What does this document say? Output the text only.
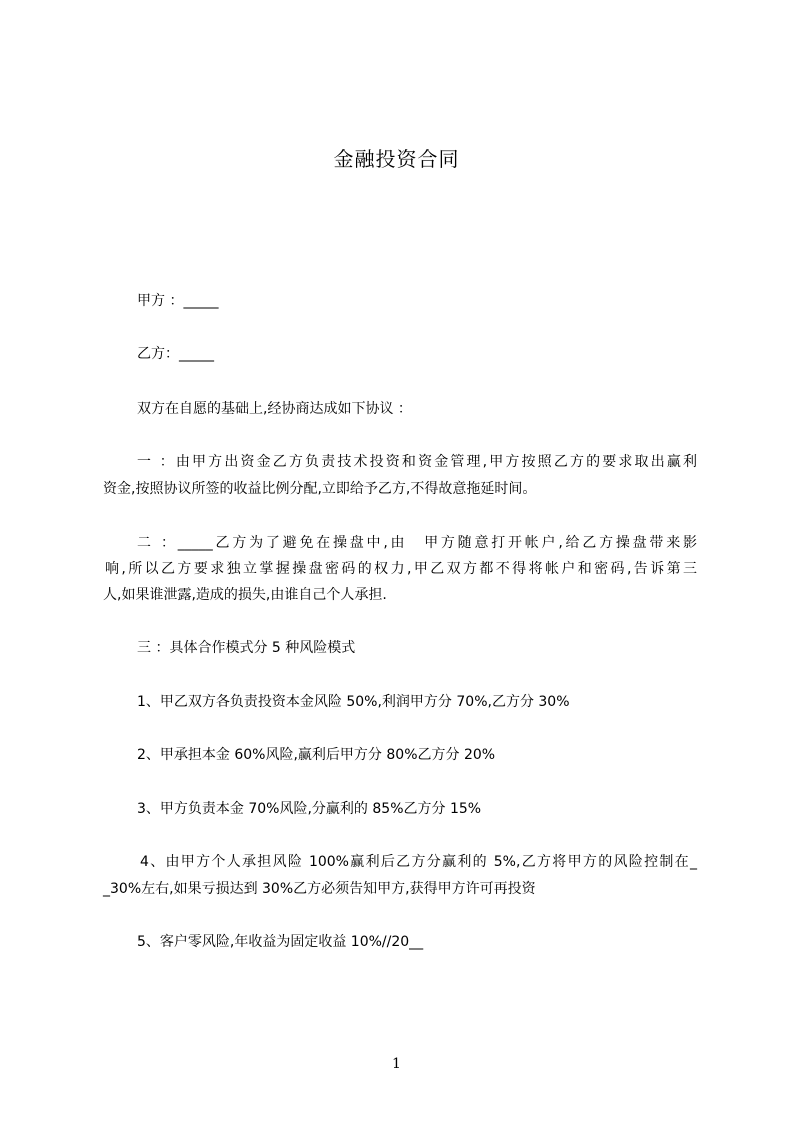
金融投资合同
甲方 ：_____
乙方：_____
双方在自愿的基础上,经协商达成如下协议 ：
一 ：由甲方出资金乙方负责技术投资和资金管理,甲方按照乙方的要求取出赢利
资金,按照协议所签的收益比例分配,立即给予乙方,不得故意拖延时间。
二 ：_____乙方为了避免在操盘中,由　甲方随意打开帐户,给乙方操盘带来影
响,所以乙方要求独立掌握操盘密码的权力,甲乙双方都不得将帐户和密码,告诉第三
人,如果谁泄露,造成的损失,由谁自己个人承担.
三 ：具体合作模式分 5 种风险模式
1、甲乙双方各负责投资本金风险 50%,利润甲方分 70%,乙方分 30%
2、甲承担本金 60%风险,赢利后甲方分 80%乙方分 20%
3、甲方负责本金 70%风险,分赢利的 85%乙方分 15%
4、由甲方个人承担风险 100%赢利后乙方分赢利的 5%,乙方将甲方的风险控制在_
_30%左右,如果亏损达到 30%乙方必须告知甲方,获得甲方许可再投资
5、客户零风险,年收益为固定收益 10%//20__
1
